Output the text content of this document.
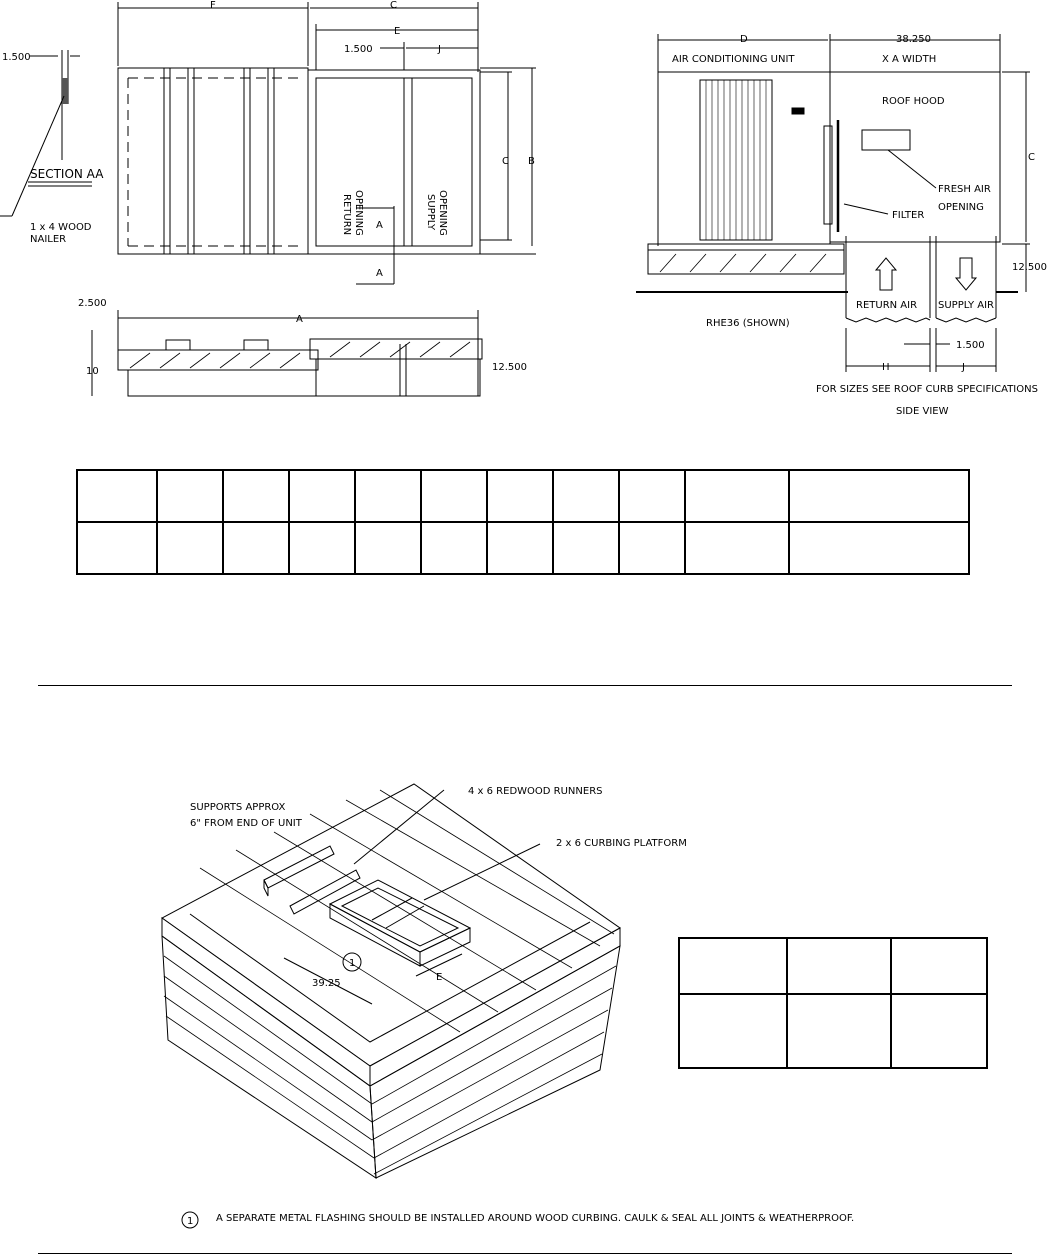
F	C
E
1.500	J
1.500
C B
RETURN OPENING	SUPPLY OPENING
A
A
SECTION AA
1 x 4 WOOD
NAILER
A
2.500
10	12.500
D	38.250
AIR CONDITIONING UNIT	X A WIDTH
ROOF HOOD
FRESH AIR
OPENING
FILTER
C
12.500
RETURN AIR SUPPLY AIR
RHE36 (SHOWN)
1.500
H	J
FOR SIZES SEE ROOF CURB SPECIFICATIONS
SIDE VIEW

SUPPORTS APPROX
6" FROM END OF UNIT
4 x 6 REDWOOD RUNNERS
2 x 6 CURBING PLATFORM
39.25
E
1

1 A SEPARATE METAL FLASHING SHOULD BE INSTALLED AROUND WOOD CURBING. CAULK & SEAL ALL JOINTS & WEATHERPROOF.
